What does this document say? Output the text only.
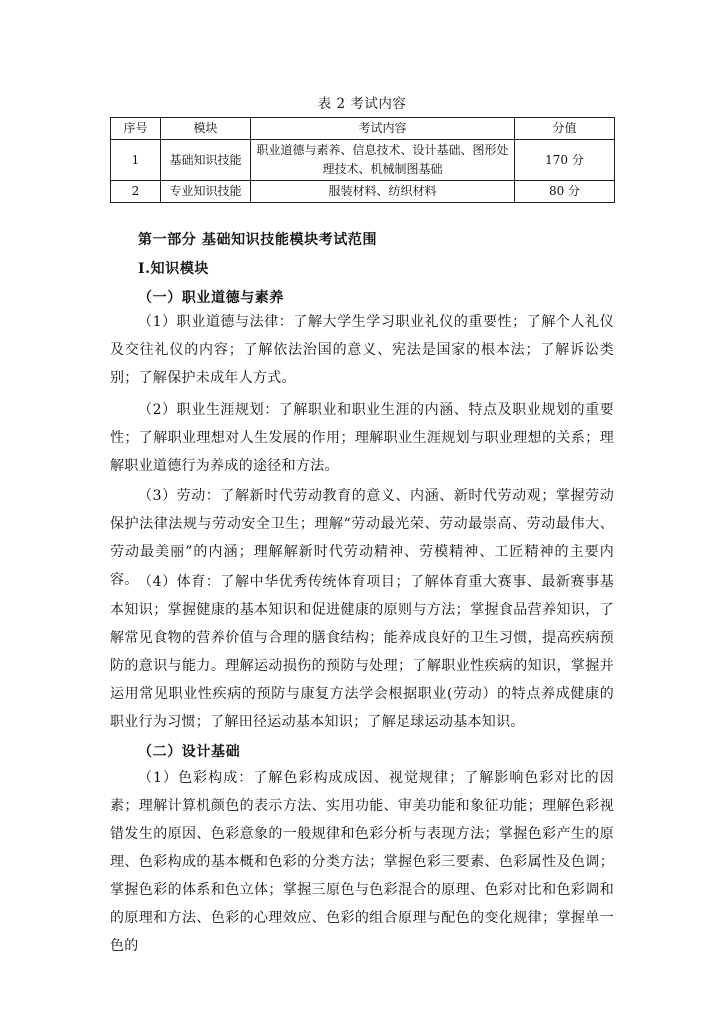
表 2 考试内容
序号	模块	考试内容	分值
1	基础知识技能	职业道德与素养、信息技术、设计基础、图形处理技术、机械制图基础	170 分
2	专业知识技能	服装材料、纺织材料	80 分
第一部分 基础知识技能模块考试范围
Ⅰ.知识模块
（一）职业道德与素养

（1）职业道德与法律：了解大学生学习职业礼仪的重要性；了解个人礼仪及交往礼仪的内容；了解依法治国的意义、宪法是国家的根本法；了解诉讼类别；了解保护未成年人方式。

（2）职业生涯规划：了解职业和职业生涯的内涵、特点及职业规划的重要性；了解职业理想对人生发展的作用；理解职业生涯规划与职业理想的关系；理解职业道德行为养成的途径和方法。

（3）劳动：了解新时代劳动教育的意义、内涵、新时代劳动观；掌握劳动保护法律法规与劳动安全卫生；理解“劳动最光荣、劳动最崇高、劳动最伟大、劳动最美丽”的内涵；理解解新时代劳动精神、劳模精神、工匠精神的主要内容。 （4）体育：了解中华优秀传统体育项目；了解体育重大赛事、最新赛事基本知识；掌握健康的基本知识和促进健康的原则与方法；掌握食品营养知识，了解常见食物的营养价值与合理的膳食结构；能养成良好的卫生习惯，提高疾病预防的意识与能力。理解运动损伤的预防与处理；了解职业性疾病的知识，掌握并运用常见职业性疾病的预防与康复方法学会根据职业(劳动）的特点养成健康的职业行为习惯；了解田径运动基本知识；了解足球运动基本知识。

（二）设计基础

（1）色彩构成：了解色彩构成成因、视觉规律；了解影响色彩对比的因素；理解计算机颜色的表示方法、实用功能、审美功能和象征功能；理解色彩视错发生的原因、色彩意象的一般规律和色彩分析与表现方法；掌握色彩产生的原理、色彩构成的基本概和色彩的分类方法；掌握色彩三要素、色彩属性及色调；掌握色彩的体系和色立体；掌握三原色与色彩混合的原理、色彩对比和色彩调和的原理和方法、色彩的心理效应、色彩的组合原理与配色的变化规律；掌握单一色的
